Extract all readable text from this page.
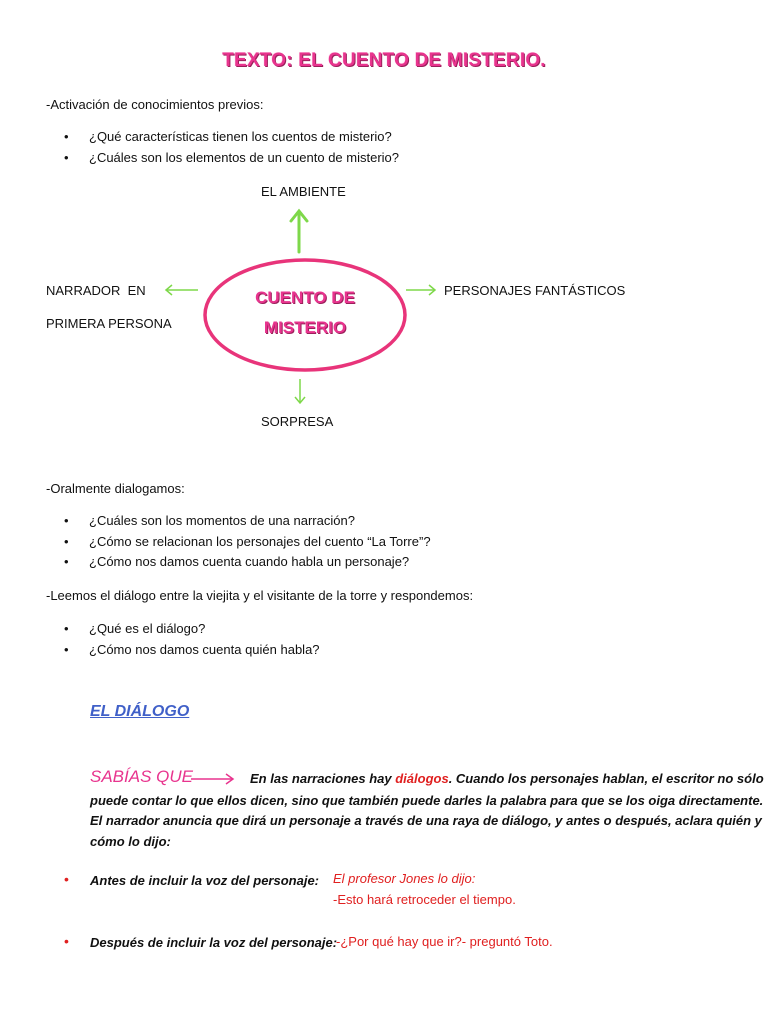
TEXTO: EL CUENTO DE MISTERIO.
-Activación de conocimientos previos:
• ¿Qué características tienen los cuentos de misterio?
• ¿Cuáles son los elementos de un cuento de misterio?
CUENTO DE
MISTERIO
EL AMBIENTE
NARRADOR  EN
PRIMERA PERSONA
PERSONAJES FANTÁSTICOS
SORPRESA
-Oralmente dialogamos:
• ¿Cuáles son los momentos de una narración?
• ¿Cómo se relacionan los personajes del cuento “La Torre”?
• ¿Cómo nos damos cuenta cuando habla un personaje?
-Leemos el diálogo entre la viejita y el visitante de la torre y respondemos:
• ¿Qué es el diálogo?
• ¿Cómo nos damos cuenta quién habla?
EL DIÁLOGO
SABÍAS QUE	En las narraciones hay diálogos. Cuando los personajes hablan, el escritor no sólo
puede contar lo que ellos dicen, sino que también puede darles la palabra para que se los oiga directamente.
El narrador anuncia que dirá un personaje a través de una raya de diálogo, y antes o después, aclara quién y
cómo lo dijo:
• Antes de incluir la voz del personaje: El profesor Jones lo dijo:
-Esto hará retroceder el tiempo.
• Después de incluir la voz del personaje:
-¿Por qué hay que ir?- preguntó Toto.
